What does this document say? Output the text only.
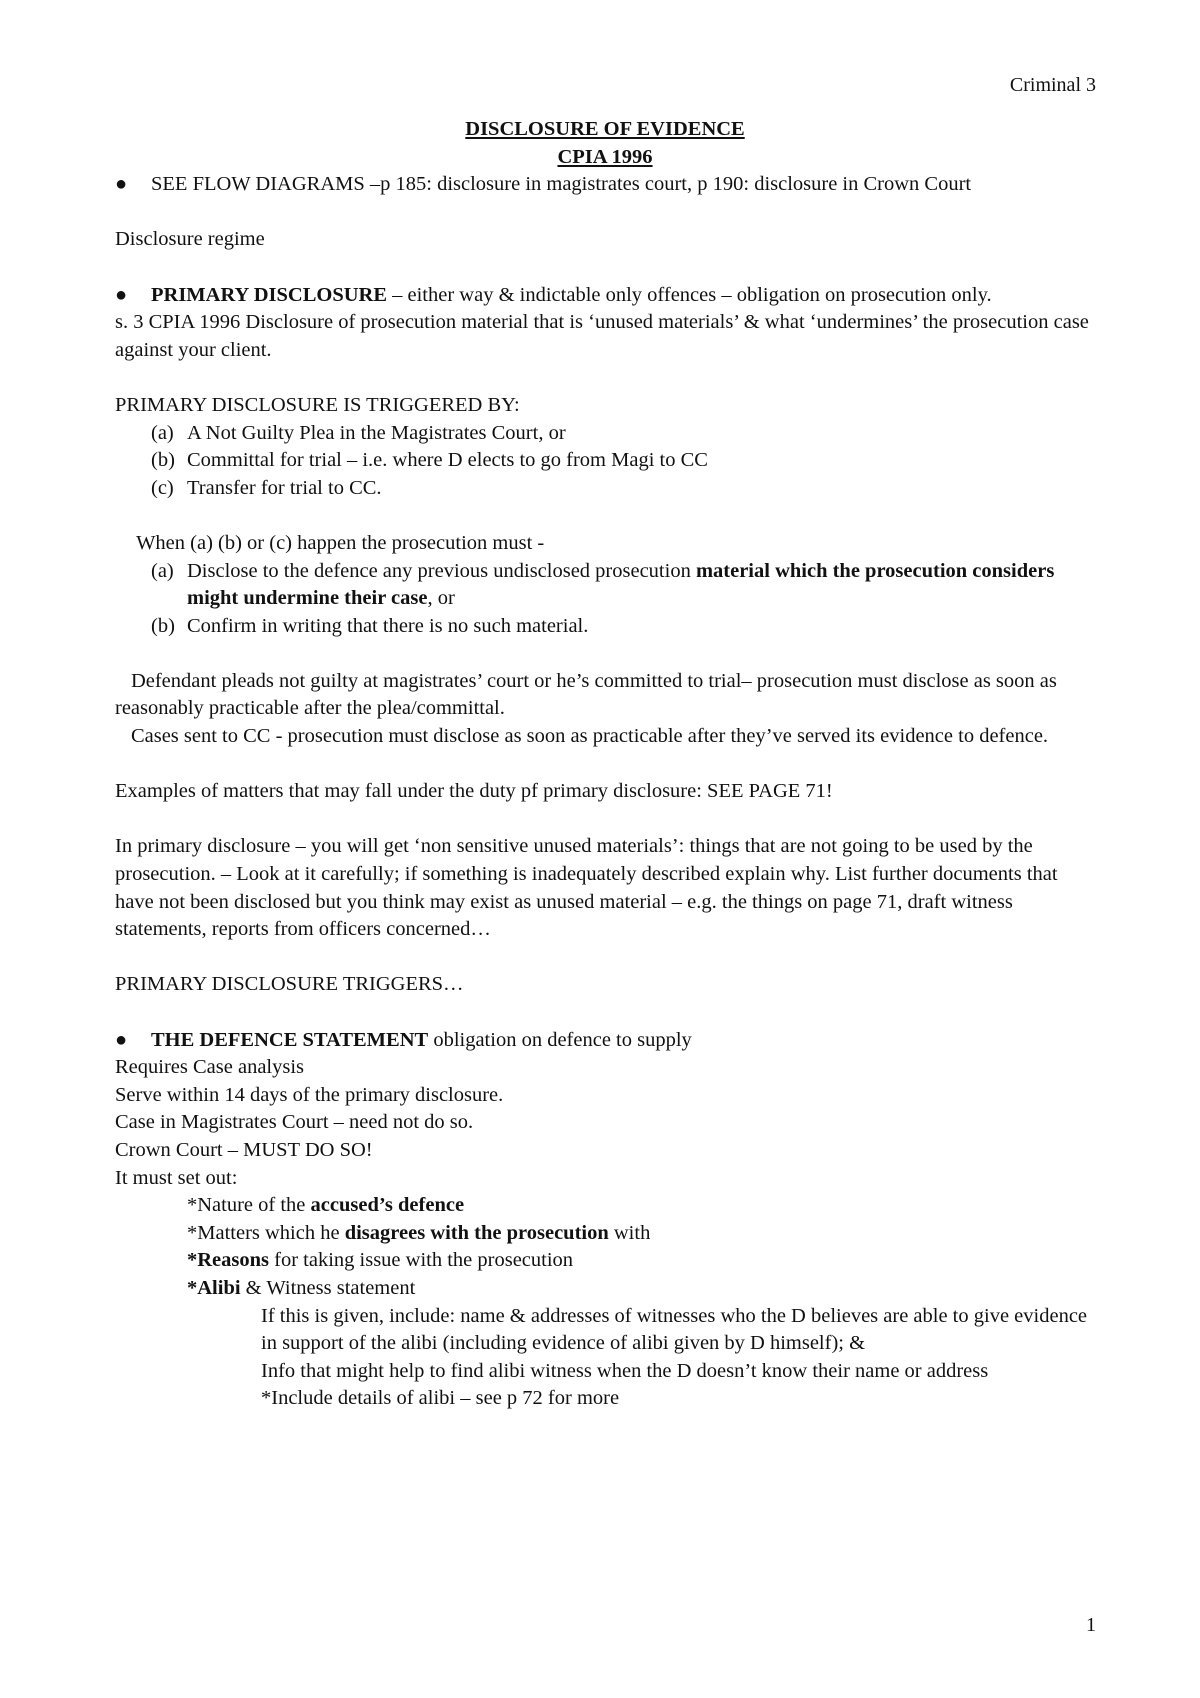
Criminal 3
DISCLOSURE OF EVIDENCE
CPIA 1996
● SEE FLOW DIAGRAMS –p 185: disclosure in magistrates court, p 190: disclosure in Crown Court
Disclosure regime
● PRIMARY DISCLOSURE – either way & indictable only offences – obligation on prosecution only.
s. 3 CPIA 1996 Disclosure of prosecution material that is ‘unused materials’ & what ‘undermines’ the prosecution case against your client.
PRIMARY DISCLOSURE IS TRIGGERED BY:
(a) A Not Guilty Plea in the Magistrates Court, or
(b) Committal for trial – i.e. where D elects to go from Magi to CC
(c) Transfer for trial to CC.
When (a) (b) or (c) happen the prosecution must -
(a) Disclose to the defence any previous undisclosed prosecution material which the prosecution considers might undermine their case, or
(b) Confirm in writing that there is no such material.
Defendant pleads not guilty at magistrates’ court or he’s committed to trial– prosecution must disclose as soon as reasonably practicable after the plea/committal.
Cases sent to CC - prosecution must disclose as soon as practicable after they’ve served its evidence to defence.
Examples of matters that may fall under the duty pf primary disclosure: SEE PAGE 71!
In primary disclosure – you will get ‘non sensitive unused materials’: things that are not going to be used by the prosecution. – Look at it carefully; if something is inadequately described explain why. List further documents that have not been disclosed but you think may exist as unused material – e.g. the things on page 71, draft witness statements, reports from officers concerned…
PRIMARY DISCLOSURE TRIGGERS…
● THE DEFENCE STATEMENT obligation on defence to supply
Requires Case analysis
Serve within 14 days of the primary disclosure.
Case in Magistrates Court – need not do so.
Crown Court – MUST DO SO!
It must set out:
*Nature of the accused’s defence
*Matters which he disagrees with the prosecution with
*Reasons for taking issue with the prosecution
*Alibi & Witness statement
If this is given, include: name & addresses of witnesses who the D believes are able to give evidence in support of the alibi (including evidence of alibi given by D himself); &
Info that might help to find alibi witness when the D doesn’t know their name or address
*Include details of alibi – see p 72 for more
1
